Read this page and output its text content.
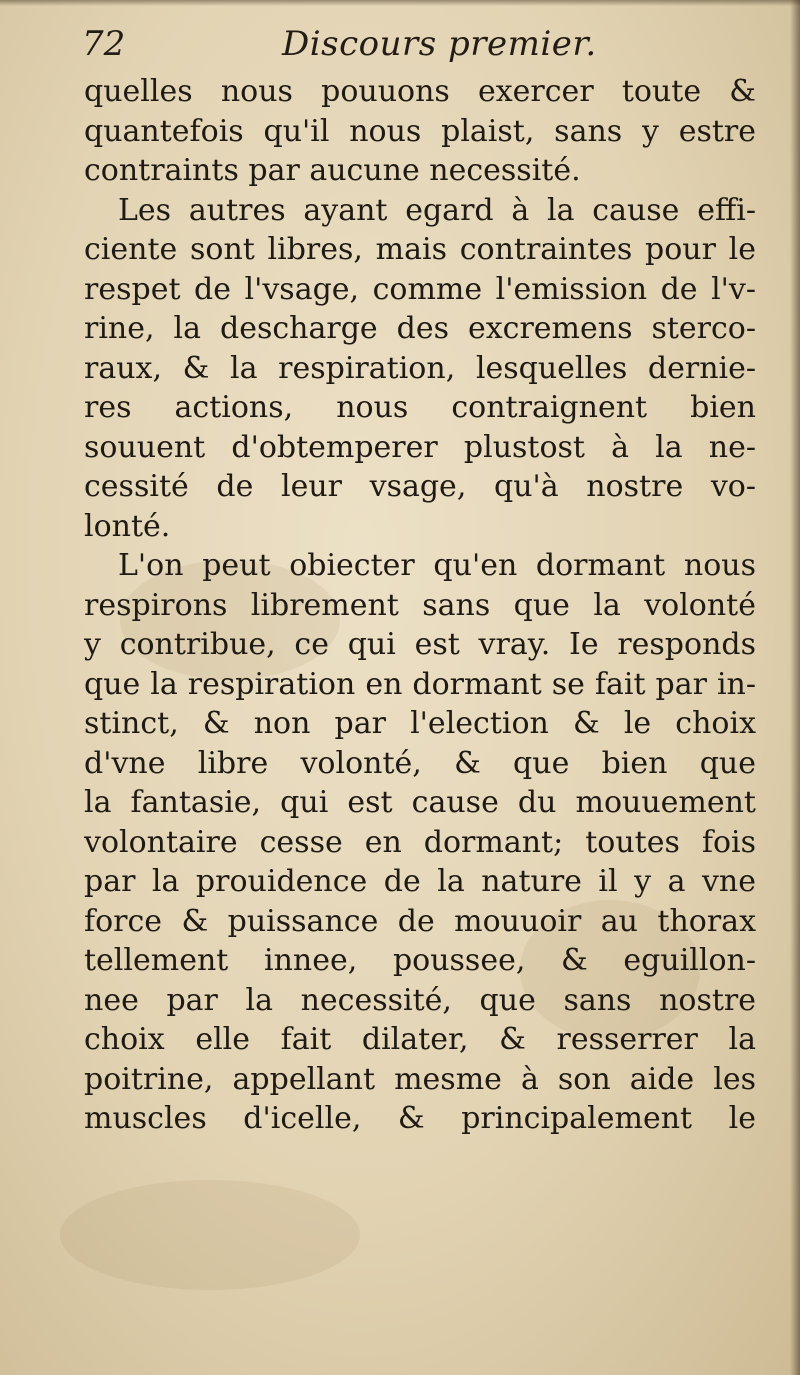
72	Discours premier.
quelles nous pouuons exercer toute &
quantefois qu'il nous plaist, sans y estre
contraints par aucune necessité.
Les autres ayant egard à la cause effi-
ciente sont libres, mais contraintes pour le
respet de l'vsage, comme l'emission de l'v-
rine, la descharge des excremens sterco-
raux, & la respiration, lesquelles dernie-
res actions, nous contraignent bien
souuent d'obtemperer plustost à la ne-
cessité de leur vsage, qu'à nostre vo-
lonté.
L'on peut obiecter qu'en dormant nous
respirons librement sans que la volonté
y contribue, ce qui est vray. Ie responds
que la respiration en dormant se fait par in-
stinct, & non par l'election & le choix
d'vne libre volonté, & que bien que
la fantasie, qui est cause du mouuement
volontaire cesse en dormant; toutes fois
par la prouidence de la nature il y a vne
force & puissance de mouuoir au thorax
tellement innee, poussee, & eguillon-
nee par la necessité, que sans nostre
choix elle fait dilater, & resserrer la
poitrine, appellant mesme à son aide les
muscles d'icelle, & principalement le
